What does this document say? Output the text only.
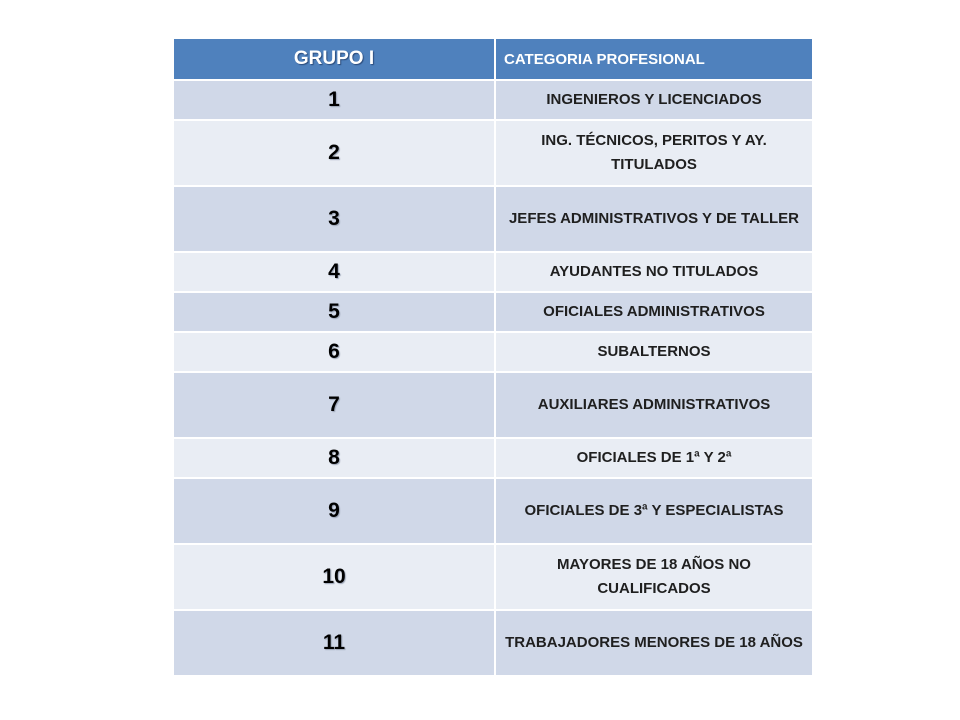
GRUPO I	CATEGORIA PROFESIONAL
1	INGENIEROS Y LICENCIADOS
2	ING. TÉCNICOS, PERITOS Y AY. TITULADOS
3	JEFES ADMINISTRATIVOS Y DE TALLER
4	AYUDANTES NO TITULADOS
5	OFICIALES ADMINISTRATIVOS
6	SUBALTERNOS
7	AUXILIARES ADMINISTRATIVOS
8	OFICIALES DE 1ª Y 2ª
9	OFICIALES DE 3ª Y ESPECIALISTAS
10	MAYORES DE 18 AÑOS NO CUALIFICADOS
11	TRABAJADORES MENORES DE 18 AÑOS
